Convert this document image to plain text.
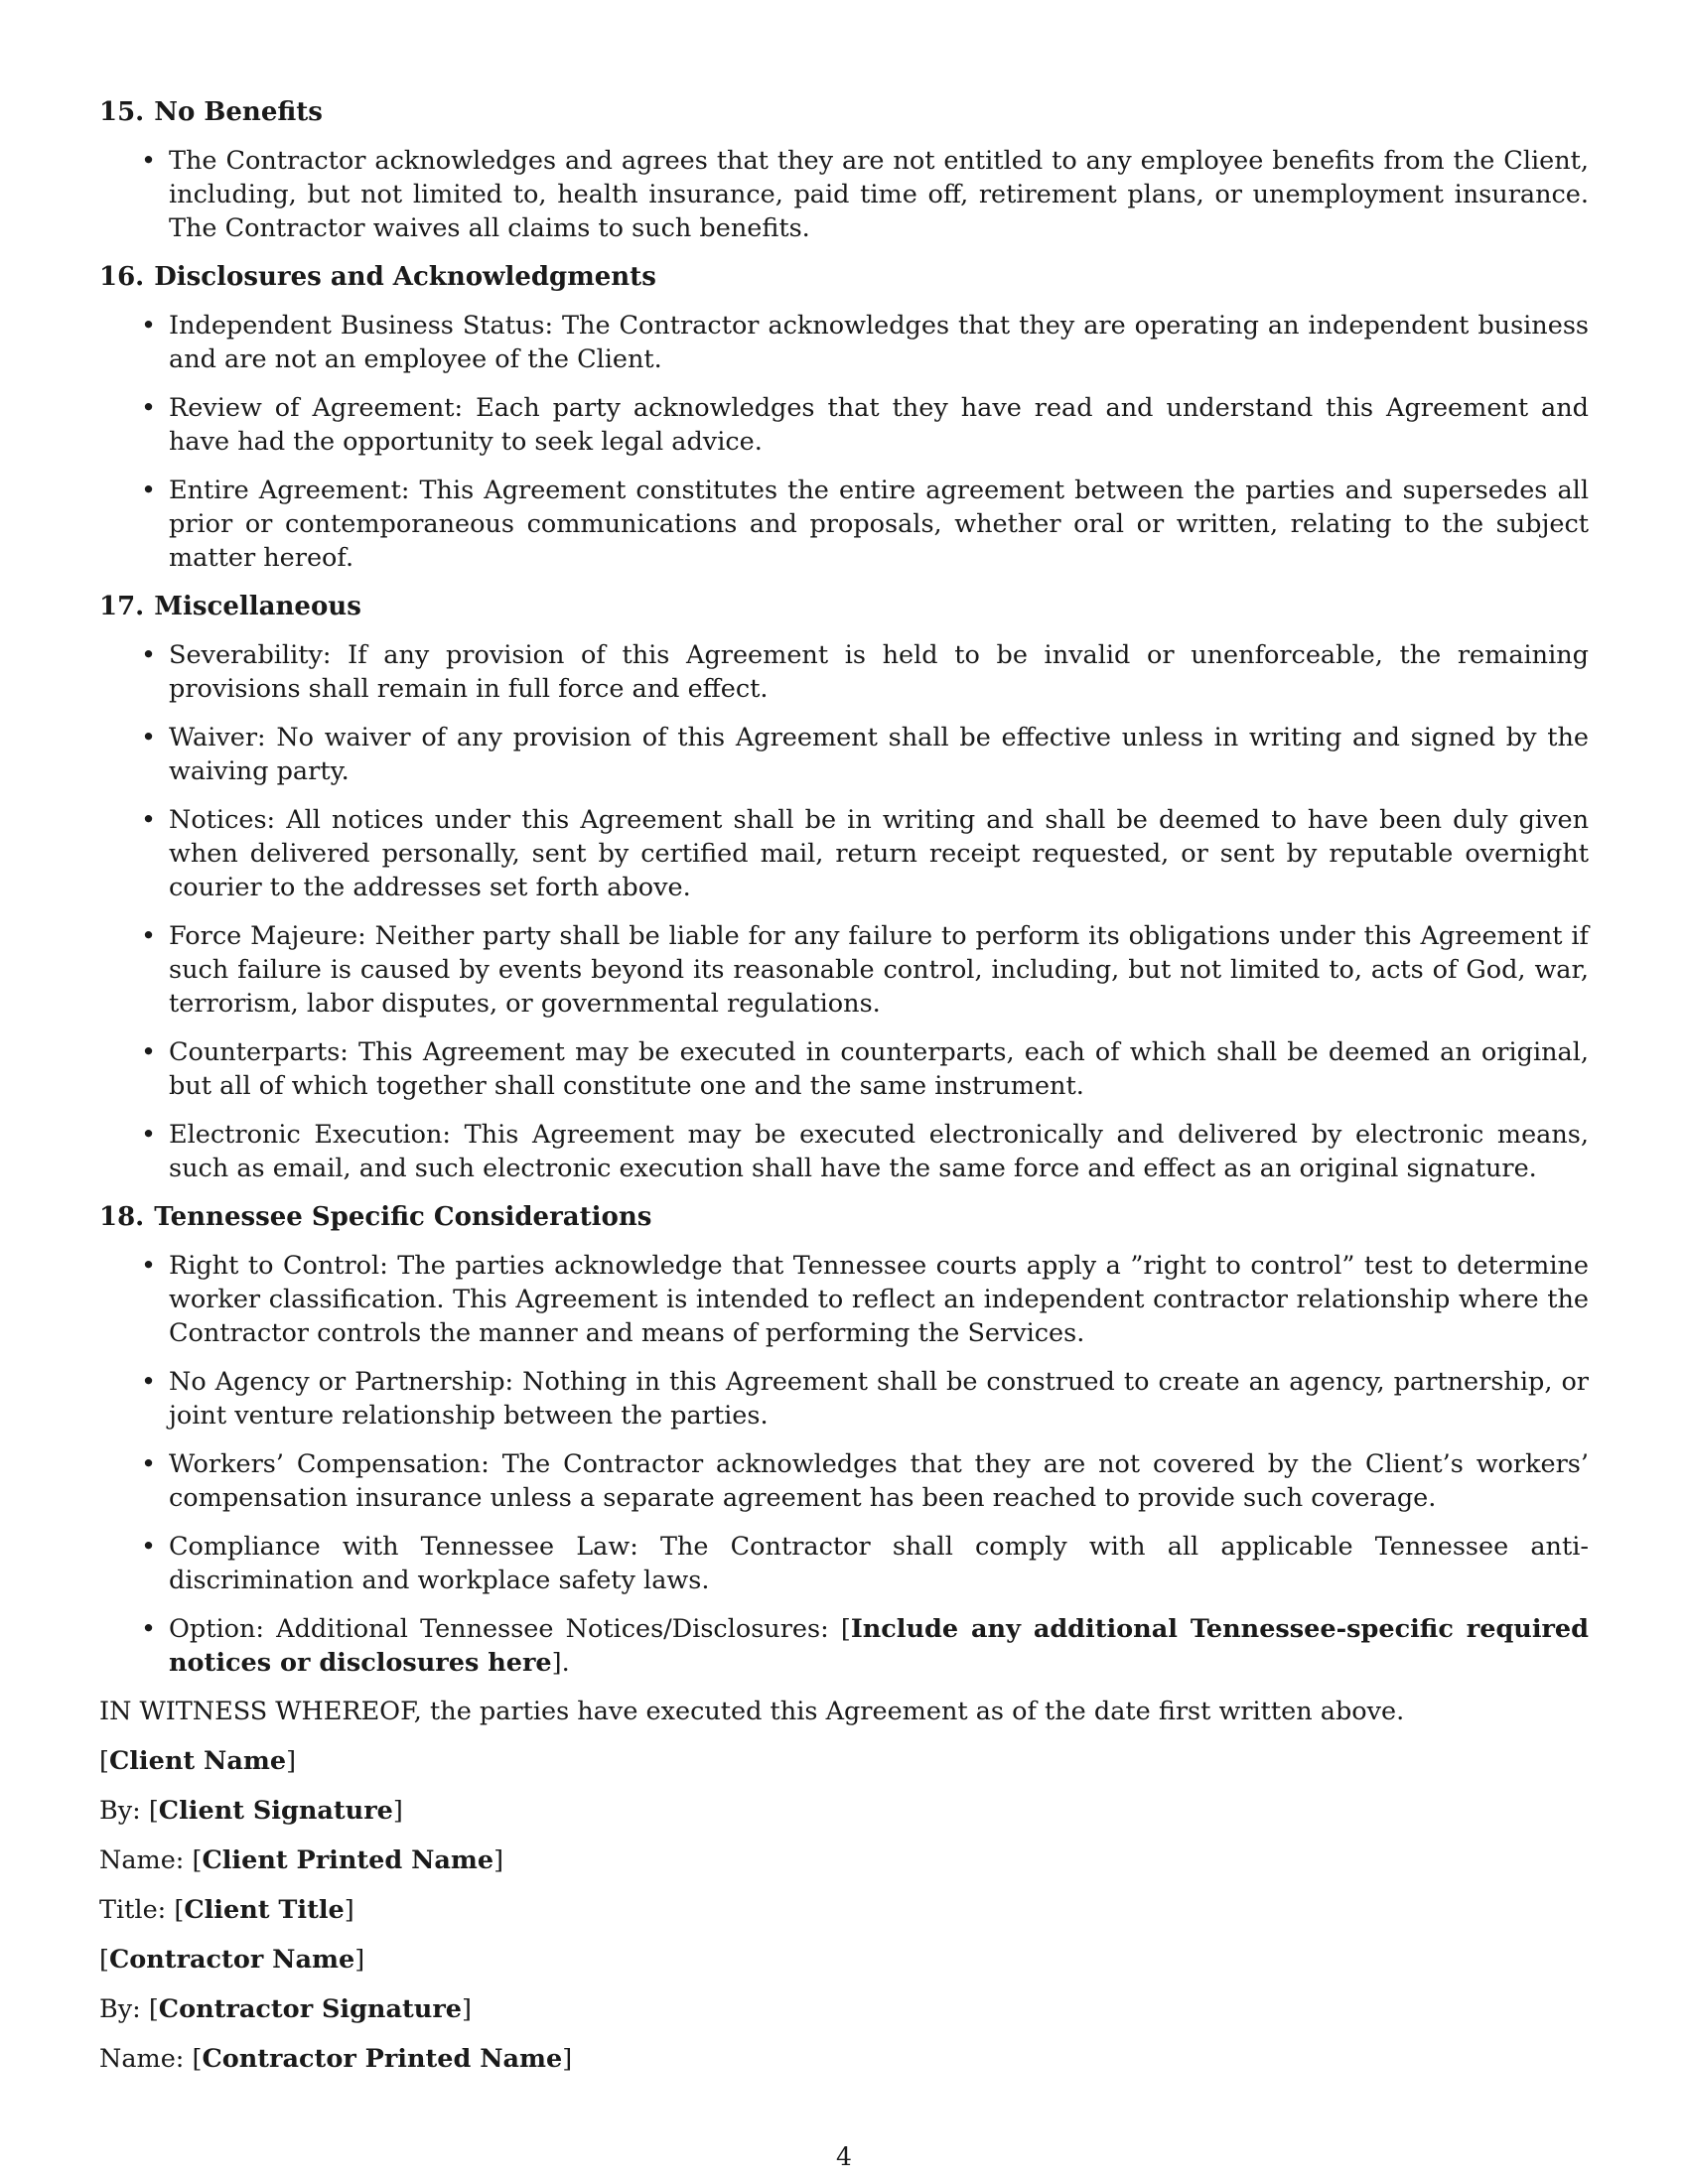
15. No Benefits
• The Contractor acknowledges and agrees that they are not entitled to any employee benefits from the Client, including, but not limited to, health insurance, paid time off, retirement plans, or unemployment insurance. The Contractor waives all claims to such benefits.
16. Disclosures and Acknowledgments
• Independent Business Status: The Contractor acknowledges that they are operating an independent business and are not an employee of the Client.
• Review of Agreement: Each party acknowledges that they have read and understand this Agreement and have had the opportunity to seek legal advice.
• Entire Agreement: This Agreement constitutes the entire agreement between the parties and supersedes all prior or contemporaneous communications and proposals, whether oral or written, relating to the subject matter hereof.
17. Miscellaneous
• Severability: If any provision of this Agreement is held to be invalid or unenforceable, the remaining provisions shall remain in full force and effect.
• Waiver: No waiver of any provision of this Agreement shall be effective unless in writing and signed by the waiving party.
• Notices: All notices under this Agreement shall be in writing and shall be deemed to have been duly given when delivered personally, sent by certified mail, return receipt requested, or sent by reputable overnight courier to the addresses set forth above.
• Force Majeure: Neither party shall be liable for any failure to perform its obligations under this Agreement if such failure is caused by events beyond its reasonable control, including, but not limited to, acts of God, war, terrorism, labor disputes, or governmental regulations.
• Counterparts: This Agreement may be executed in counterparts, each of which shall be deemed an original, but all of which together shall constitute one and the same instrument.
• Electronic Execution: This Agreement may be executed electronically and delivered by electronic means, such as email, and such electronic execution shall have the same force and effect as an original signature.
18. Tennessee Specific Considerations
• Right to Control: The parties acknowledge that Tennessee courts apply a ”right to control” test to determine worker classification. This Agreement is intended to reflect an independent contractor relationship where the Contractor controls the manner and means of performing the Services.
• No Agency or Partnership: Nothing in this Agreement shall be construed to create an agency, partnership, or joint venture relationship between the parties.
• Workers’ Compensation: The Contractor acknowledges that they are not covered by the Client’s workers’ compensation insurance unless a separate agreement has been reached to provide such coverage.
• Compliance with Tennessee Law: The Contractor shall comply with all applicable Tennessee anti-discrimination and workplace safety laws.
• Option: Additional Tennessee Notices/Disclosures: [Include any additional Tennessee-specific required notices or disclosures here].
IN WITNESS WHEREOF, the parties have executed this Agreement as of the date first written above.
[Client Name]
By: [Client Signature]
Name: [Client Printed Name]
Title: [Client Title]
[Contractor Name]
By: [Contractor Signature]
Name: [Contractor Printed Name]
4
